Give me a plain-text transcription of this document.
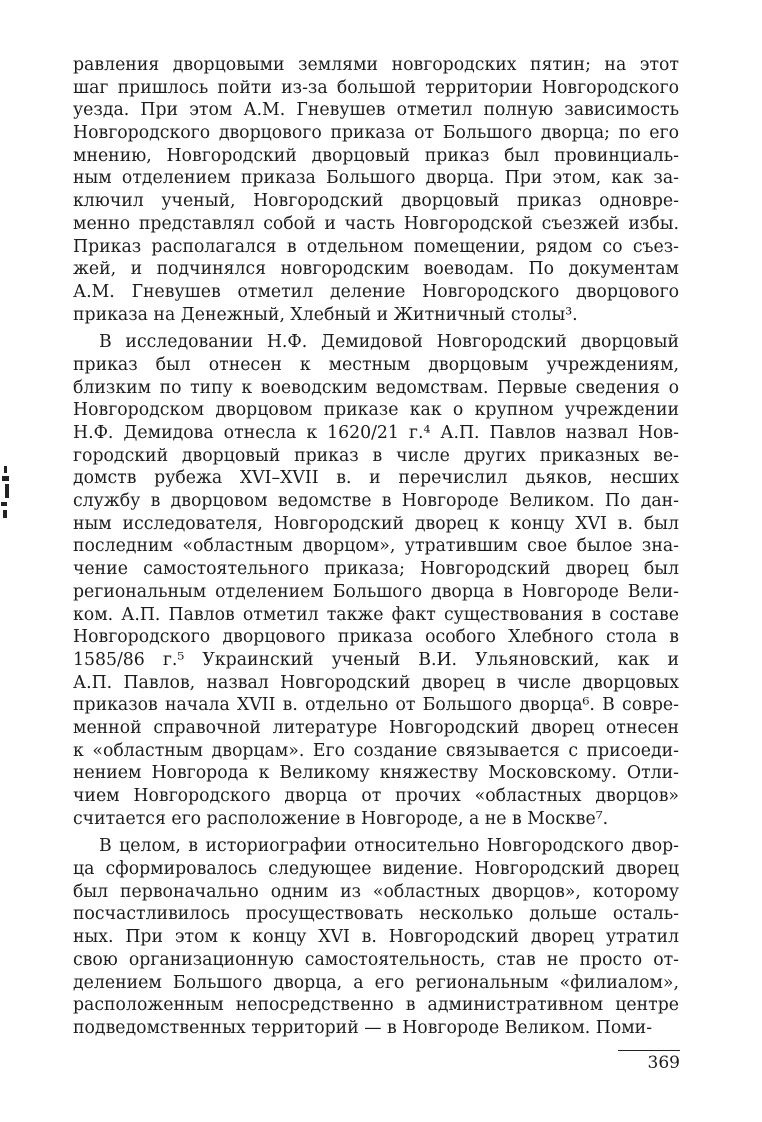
равления дворцовыми землями новгородских пятин; на этот
шаг пришлось пойти из-за большой территории Новгородского
уезда. При этом А.М. Гневушев отметил полную зависимость
Новгородского дворцового приказа от Большого дворца; по его
мнению, Новгородский дворцовый приказ был провинциаль-
ным отделением приказа Большого дворца. При этом, как за-
ключил ученый, Новгородский дворцовый приказ одновре-
менно представлял собой и часть Новгородской съезжей избы.
Приказ располагался в отдельном помещении, рядом со съез-
жей, и подчинялся новгородским воеводам. По документам
А.М. Гневушев отметил деление Новгородского дворцового
приказа на Денежный, Хлебный и Житничный столы³.
В исследовании Н.Ф. Демидовой Новгородский дворцовый
приказ был отнесен к местным дворцовым учреждениям,
близким по типу к воеводским ведомствам. Первые сведения о
Новгородском дворцовом приказе как о крупном учреждении
Н.Ф. Демидова отнесла к 1620/21 г.⁴ А.П. Павлов назвал Нов-
городский дворцовый приказ в числе других приказных ве-
домств рубежа XVI–XVII в. и перечислил дьяков, несших
службу в дворцовом ведомстве в Новгороде Великом. По дан-
ным исследователя, Новгородский дворец к концу XVI в. был
последним «областным дворцом», утратившим свое былое зна-
чение самостоятельного приказа; Новгородский дворец был
региональным отделением Большого дворца в Новгороде Вели-
ком. А.П. Павлов отметил также факт существования в составе
Новгородского дворцового приказа особого Хлебного стола в
1585/86 г.⁵ Украинский ученый В.И. Ульяновский, как и
А.П. Павлов, назвал Новгородский дворец в числе дворцовых
приказов начала XVII в. отдельно от Большого дворца⁶. В совре-
менной справочной литературе Новгородский дворец отнесен
к «областным дворцам». Его создание связывается с присоеди-
нением Новгорода к Великому княжеству Московскому. Отли-
чием Новгородского дворца от прочих «областных дворцов»
считается его расположение в Новгороде, а не в Москве⁷.
В целом, в историографии относительно Новгородского двор-
ца сформировалось следующее видение. Новгородский дворец
был первоначально одним из «областных дворцов», которому
посчастливилось просуществовать несколько дольше осталь-
ных. При этом к концу XVI в. Новгородский дворец утратил
свою организационную самостоятельность, став не просто от-
делением Большого дворца, а его региональным «филиалом»,
расположенным непосредственно в административном центре
подведомственных территорий — в Новгороде Великом. Поми-
369
